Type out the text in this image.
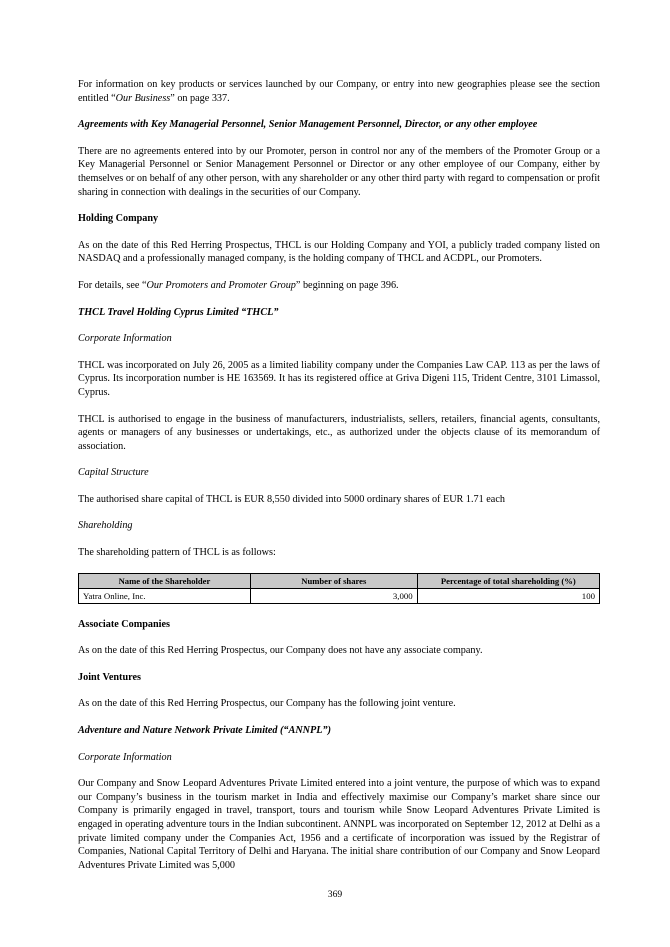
For information on key products or services launched by our Company, or entry into new geographies please see the section entitled “Our Business” on page 337.

Agreements with Key Managerial Personnel, Senior Management Personnel, Director, or any other employee

There are no agreements entered into by our Promoter, person in control nor any of the members of the Promoter Group or a Key Managerial Personnel or Senior Management Personnel or Director or any other employee of our Company, either by themselves or on behalf of any other person, with any shareholder or any other third party with regard to compensation or profit sharing in connection with dealings in the securities of our Company.

Holding Company

As on the date of this Red Herring Prospectus, THCL is our Holding Company and YOI, a publicly traded company listed on NASDAQ and a professionally managed company, is the holding company of THCL and ACDPL, our Promoters.

For details, see “Our Promoters and Promoter Group” beginning on page 396.

THCL Travel Holding Cyprus Limited “THCL”

Corporate Information

THCL was incorporated on July 26, 2005 as a limited liability company under the Companies Law CAP. 113 as per the laws of Cyprus. Its incorporation number is HE 163569. It has its registered office at Griva Digeni 115, Trident Centre, 3101 Limassol, Cyprus.

THCL is authorised to engage in the business of manufacturers, industrialists, sellers, retailers, financial agents, consultants, agents or managers of any businesses or undertakings, etc., as authorized under the objects clause of its memorandum of association.

Capital Structure

The authorised share capital of THCL is EUR 8,550 divided into 5000 ordinary shares of EUR 1.71 each

Shareholding

The shareholding pattern of THCL is as follows:

Name of the Shareholder	Number of shares	Percentage of total shareholding (%)
Yatra Online, Inc.	3,000	100

Associate Companies

As on the date of this Red Herring Prospectus, our Company does not have any associate company.

Joint Ventures

As on the date of this Red Herring Prospectus, our Company has the following joint venture.

Adventure and Nature Network Private Limited (“ANNPL”)

Corporate Information

Our Company and Snow Leopard Adventures Private Limited entered into a joint venture, the purpose of which was to expand our Company’s business in the tourism market in India and effectively maximise our Company’s market share since our Company is primarily engaged in travel, transport, tours and tourism while Snow Leopard Adventures Private Limited is engaged in operating adventure tours in the Indian subcontinent. ANNPL was incorporated on September 12, 2012 at Delhi as a private limited company under the Companies Act, 1956 and a certificate of incorporation was issued by the Registrar of Companies, National Capital Territory of Delhi and Haryana. The initial share contribution of our Company and Snow Leopard Adventures Private Limited was 5,000

369
